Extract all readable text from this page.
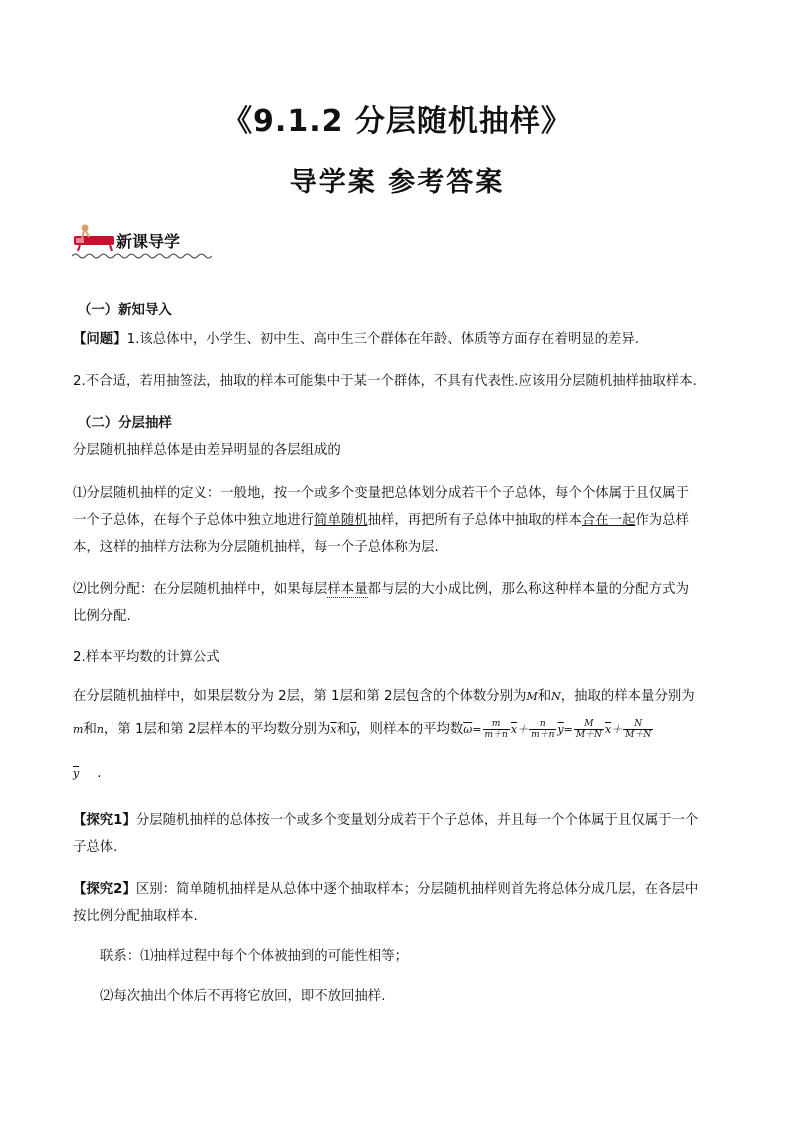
《9.1.2 分层随机抽样》
导学案 参考答案
新课导学
（一）新知导入
【问题】1.该总体中，小学生、初中生、高中生三个群体在年龄、体质等方面存在着明显的差异.
2.不合适，若用抽签法，抽取的样本可能集中于某一个群体，不具有代表性.应该用分层随机抽样抽取样本.
（二）分层抽样
分层随机抽样总体是由差异明显的各层组成的
⑴分层随机抽样的定义：一般地，按一个或多个变量把总体划分成若干个子总体，每个个体属于且仅属于
一个子总体，在每个子总体中独立地进行简单随机抽样，再把所有子总体中抽取的样本合在一起作为总样
本，这样的抽样方法称为分层随机抽样，每一个子总体称为层.
⑵比例分配：在分层随机抽样中，如果每层样本量都与层的大小成比例，那么称这种样本量的分配方式为
比例分配.
2.样本平均数的计算公式
在分层随机抽样中，如果层数分为 2层，第 1层和第 2层包含的个体数分别为M和N，抽取的样本量分别为
m和n，第 1层和第 2层样本的平均数分别为$\overline{x}$和$\overline{y}$，则样本的平均数$\overline{\omega}= \frac{m}{m+n} \overline{x}+ \frac{n}{m+n} \overline{y}= \frac{M}{M+N} \overline{x}+ \frac{N}{M+N}$
$\overline{y}$ .
【探究1】分层随机抽样的总体按一个或多个变量划分成若干个子总体，并且每一个个体属于且仅属于一个
子总体.
【探究2】区别：简单随机抽样是从总体中逐个抽取样本；分层随机抽样则首先将总体分成几层，在各层中
按比例分配抽取样本.
联系：⑴抽样过程中每个个体被抽到的可能性相等；
⑵每次抽出个体后不再将它放回，即不放回抽样.
